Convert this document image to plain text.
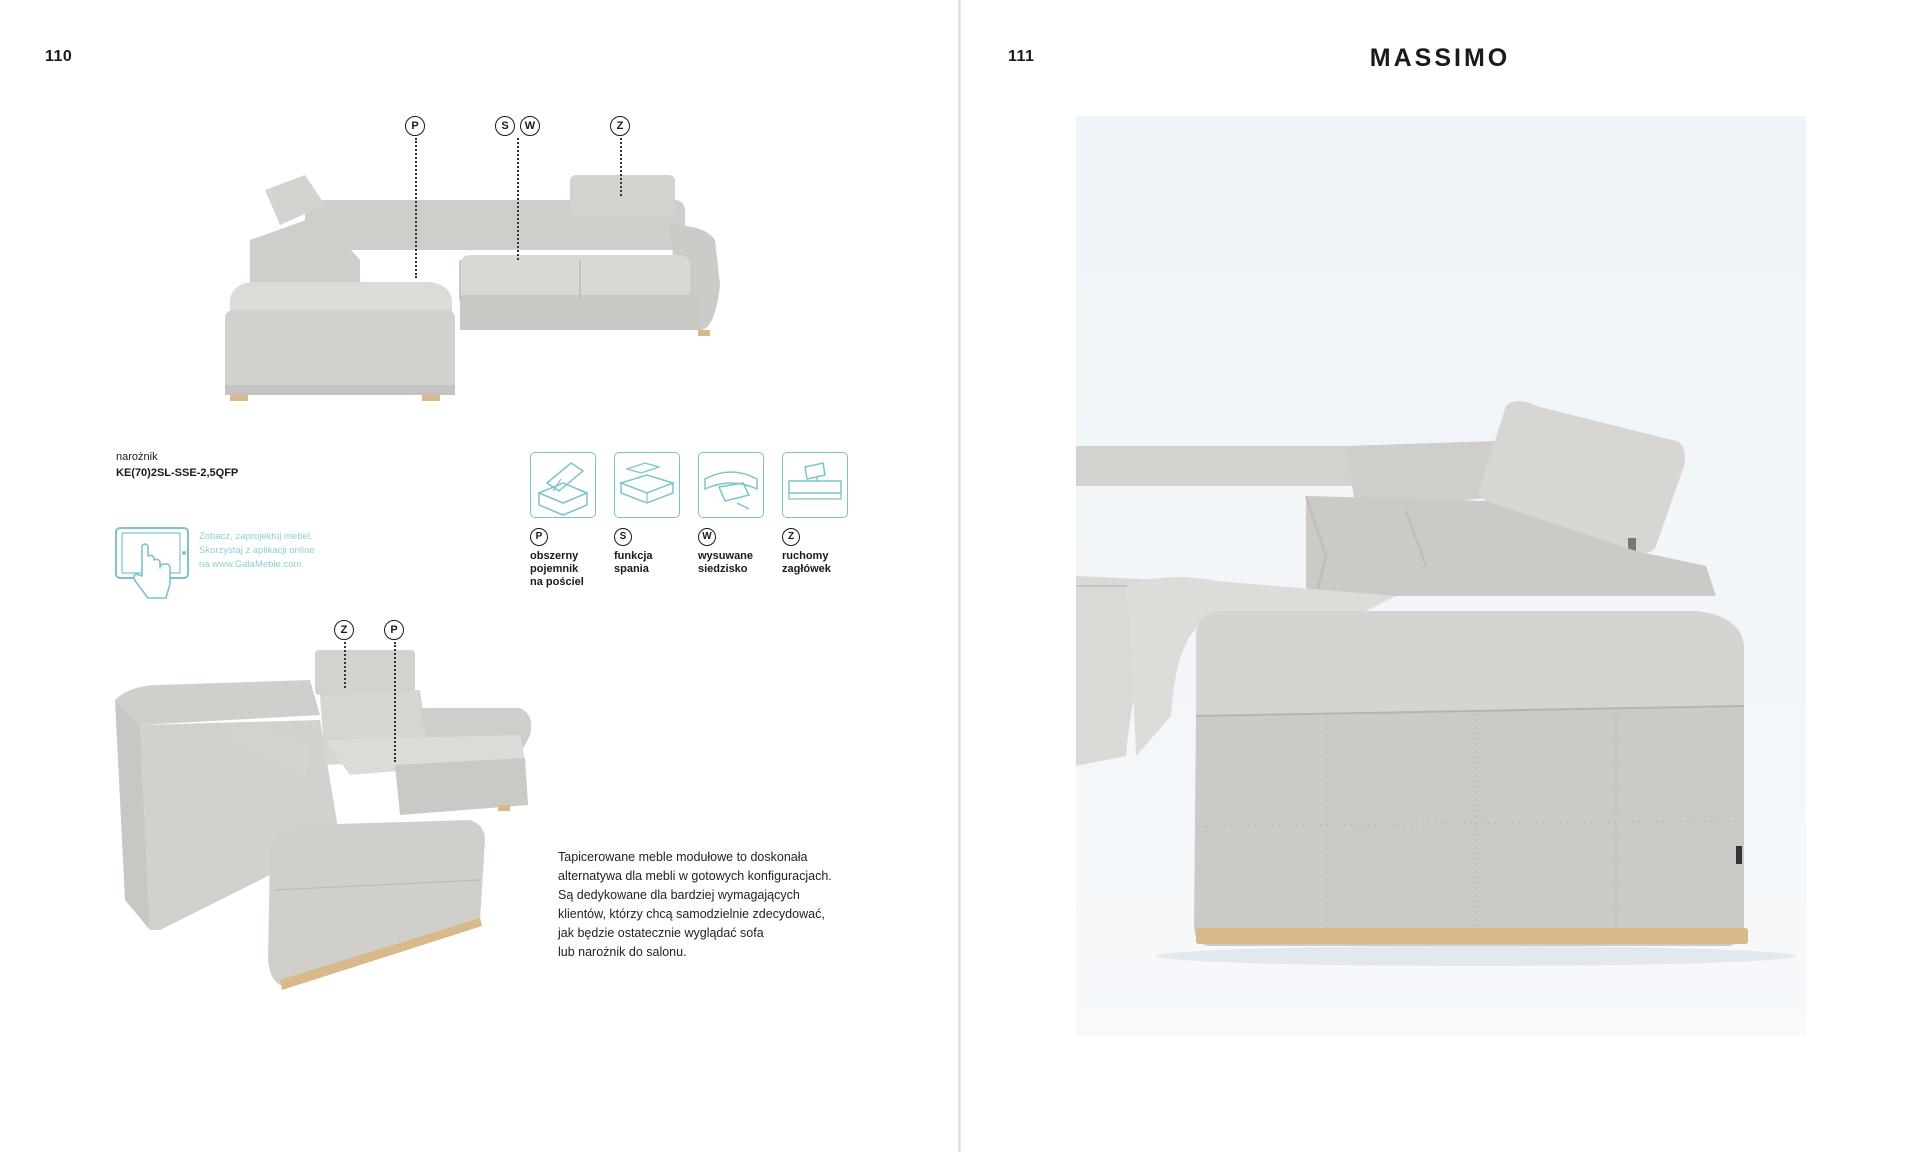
110
P	S	W	Z
narożnik
KE(70)2SL-SSE-2,5QFP
Zobacz, zaprojektuj mebel.
Skorzystaj z aplikacji online
na www.GalaMeble.com
P
obszerny
pojemnik
na pościel
S
funkcja
spania
W
wysuwane
siedzisko
Z
ruchomy
zagłówek
Z	P
Tapicerowane meble modułowe to doskonała
alternatywa dla mebli w gotowych konfiguracjach.
Są dedykowane dla bardziej wymagających
klientów, którzy chcą samodzielnie zdecydować,
jak będzie ostatecznie wyglądać sofa
lub narożnik do salonu.
111	MASSIMO
